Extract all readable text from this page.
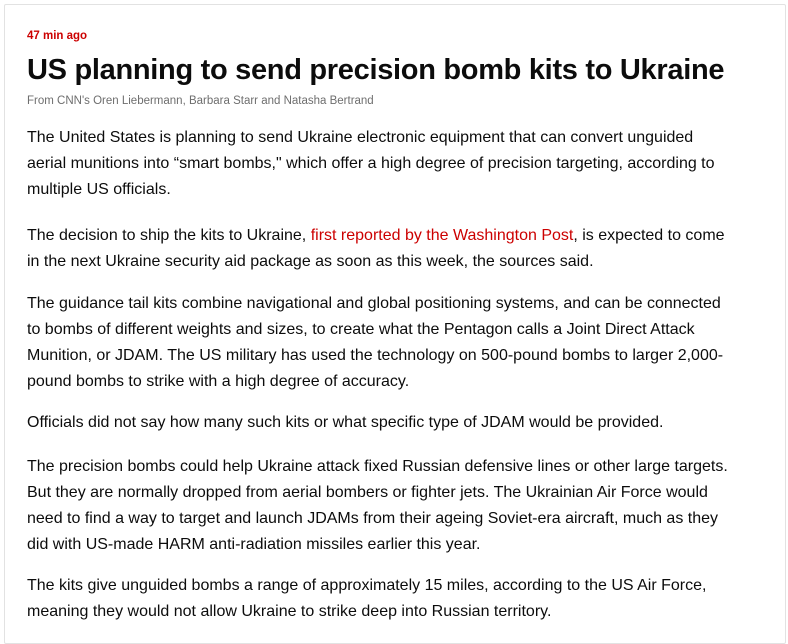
47 min ago
US planning to send precision bomb kits to Ukraine
From CNN's Oren Liebermann, Barbara Starr and Natasha Bertrand

The United States is planning to send Ukraine electronic equipment that can convert unguided
aerial munitions into “smart bombs," which offer a high degree of precision targeting, according to
multiple US officials.

The decision to ship the kits to Ukraine, first reported by the Washington Post, is expected to come
in the next Ukraine security aid package as soon as this week, the sources said.

The guidance tail kits combine navigational and global positioning systems, and can be connected
to bombs of different weights and sizes, to create what the Pentagon calls a Joint Direct Attack
Munition, or JDAM. The US military has used the technology on 500-pound bombs to larger 2,000-
pound bombs to strike with a high degree of accuracy.

Officials did not say how many such kits or what specific type of JDAM would be provided.

The precision bombs could help Ukraine attack fixed Russian defensive lines or other large targets.
But they are normally dropped from aerial bombers or fighter jets. The Ukrainian Air Force would
need to find a way to target and launch JDAMs from their ageing Soviet-era aircraft, much as they
did with US-made HARM anti-radiation missiles earlier this year.

The kits give unguided bombs a range of approximately 15 miles, according to the US Air Force,
meaning they would not allow Ukraine to strike deep into Russian territory.
